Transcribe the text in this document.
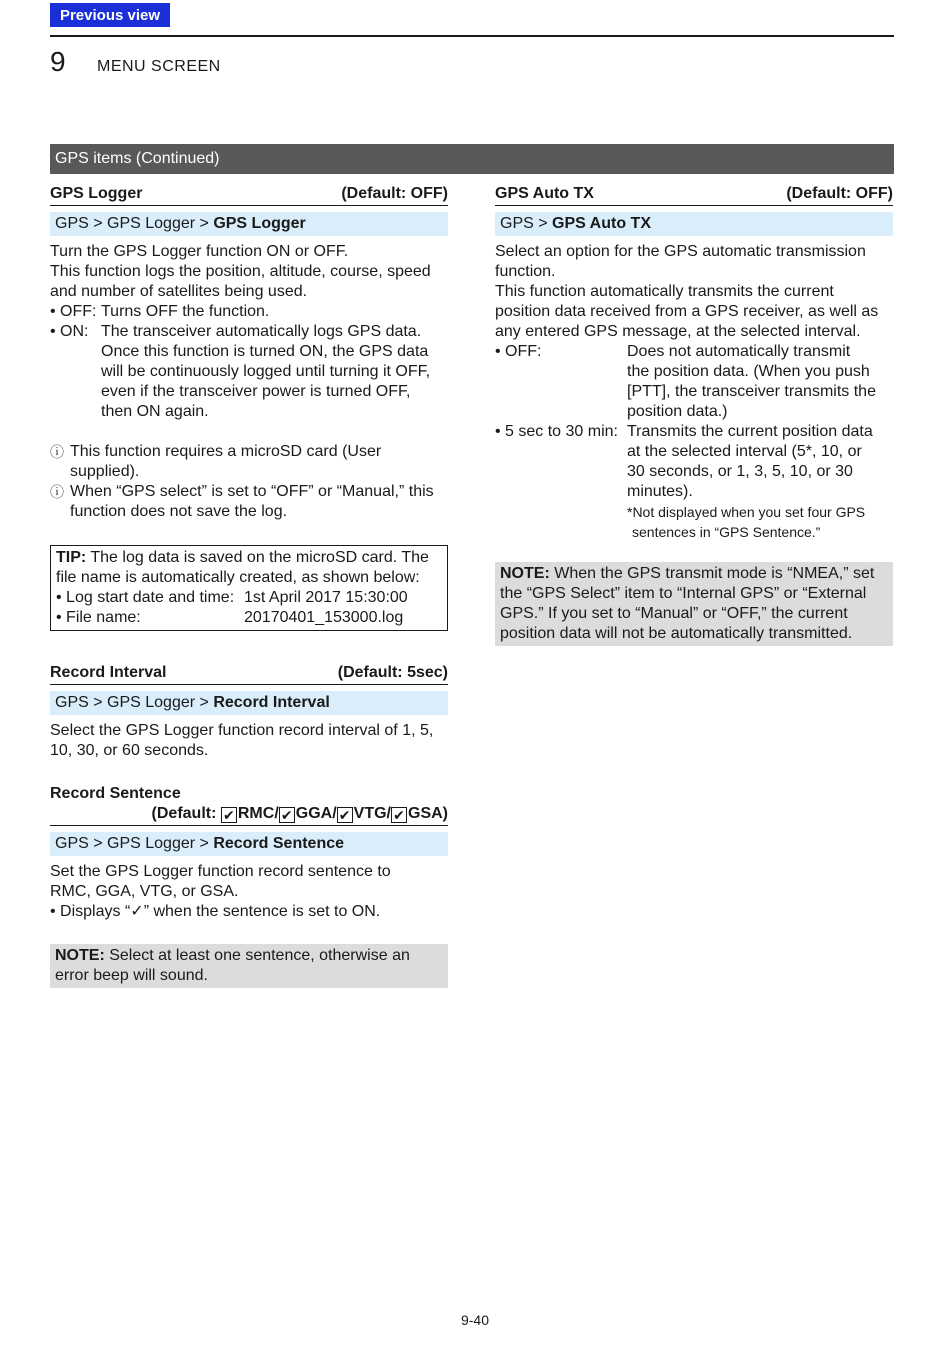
Previous view
9 MENU SCREEN
GPS items (Continued)
GPS Logger	(Default: OFF)
GPS > GPS Logger > GPS Logger
Turn the GPS Logger function ON or OFF.
This function logs the position, altitude, course, speed
and number of satellites being used.
• OFF: Turns OFF the function.
• ON: The transceiver automatically logs GPS data.
Once this function is turned ON, the GPS data
will be continuously logged until turning it OFF,
even if the transceiver power is turned OFF,
then ON again.
ⓘ This function requires a microSD card (User
supplied).
ⓘ When “GPS select” is set to “OFF” or “Manual,” this
function does not save the log.
TIP: The log data is saved on the microSD card. The
file name is automatically created, as shown below:
• Log start date and time: 1st April 2017 15:30:00
• File name:	20170401_153000.log
Record Interval	(Default: 5sec)
GPS > GPS Logger > Record Interval
Select the GPS Logger function record interval of 1, 5,
10, 30, or 60 seconds.
Record Sentence
(Default: ✔ RMC/ ✔ GGA/ ✔ VTG/ ✔ GSA)
GPS > GPS Logger > Record Sentence
Set the GPS Logger function record sentence to
RMC, GGA, VTG, or GSA.
• Displays “✓” when the sentence is set to ON.
NOTE: Select at least one sentence, otherwise an
error beep will sound.
GPS Auto TX	(Default: OFF)
GPS > GPS Auto TX
Select an option for the GPS automatic transmission
function.
This function automatically transmits the current
position data received from a GPS receiver, as well as
any entered GPS message, at the selected interval.
• OFF:	Does not automatically transmit
the position data. (When you push
[PTT], the transceiver transmits the
position data.)
• 5 sec to 30 min: Transmits the current position data
at the selected interval (5*, 10, or
30 seconds, or 1, 3, 5, 10, or 30
minutes).
*Not displayed when you set four GPS
sentences in “GPS Sentence.”
NOTE: When the GPS transmit mode is “NMEA,” set
the “GPS Select” item to “Internal GPS” or “External
GPS.” If you set to “Manual” or “OFF,” the current
position data will not be automatically transmitted.
9-40
